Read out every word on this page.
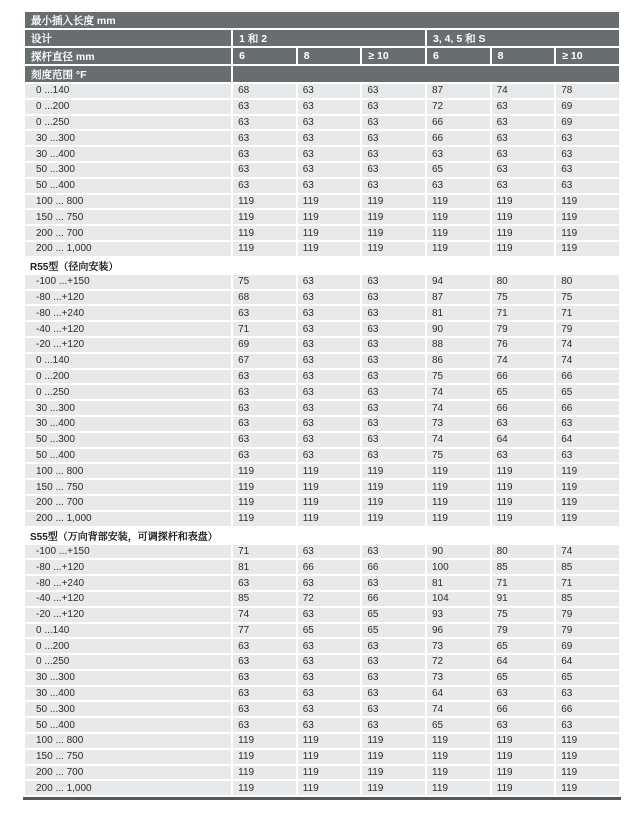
最小插入长度 mm						
设计	1 和 2			3, 4, 5 和 S		
探杆直径 mm	6	8	≥ 10	6	8	≥ 10
刻度范围 °F						
0 ...140	68	63	63	87	74	78
0 ...200	63	63	63	72	63	69
0 ...250	63	63	63	66	63	69
30 ...300	63	63	63	66	63	63
30 ...400	63	63	63	63	63	63
50 ...300	63	63	63	65	63	63
50 ...400	63	63	63	63	63	63
100 ... 800	119	119	119	119	119	119
150 ... 750	119	119	119	119	119	119
200 ... 700	119	119	119	119	119	119
200 ... 1,000	119	119	119	119	119	119
R55型（径向安装）						
-100 ...+150	75	63	63	94	80	80
-80 ...+120	68	63	63	87	75	75
-80 ...+240	63	63	63	81	71	71
-40 ...+120	71	63	63	90	79	79
-20 ...+120	69	63	63	88	76	74
0 ...140	67	63	63	86	74	74
0 ...200	63	63	63	75	66	66
0 ...250	63	63	63	74	65	65
30 ...300	63	63	63	74	66	66
30 ...400	63	63	63	73	63	63
50 ...300	63	63	63	74	64	64
50 ...400	63	63	63	75	63	63
100 ... 800	119	119	119	119	119	119
150 ... 750	119	119	119	119	119	119
200 ... 700	119	119	119	119	119	119
200 ... 1,000	119	119	119	119	119	119
S55型（万向背部安装，可调探杆和表盘）						
-100 ...+150	71	63	63	90	80	74
-80 ...+120	81	66	66	100	85	85
-80 ...+240	63	63	63	81	71	71
-40 ...+120	85	72	66	104	91	85
-20 ...+120	74	63	65	93	75	79
0 ...140	77	65	65	96	79	79
0 ...200	63	63	63	73	65	69
0 ...250	63	63	63	72	64	64
30 ...300	63	63	63	73	65	65
30 ...400	63	63	63	64	63	63
50 ...300	63	63	63	74	66	66
50 ...400	63	63	63	65	63	63
100 ... 800	119	119	119	119	119	119
150 ... 750	119	119	119	119	119	119
200 ... 700	119	119	119	119	119	119
200 ... 1,000	119	119	119	119	119	119
